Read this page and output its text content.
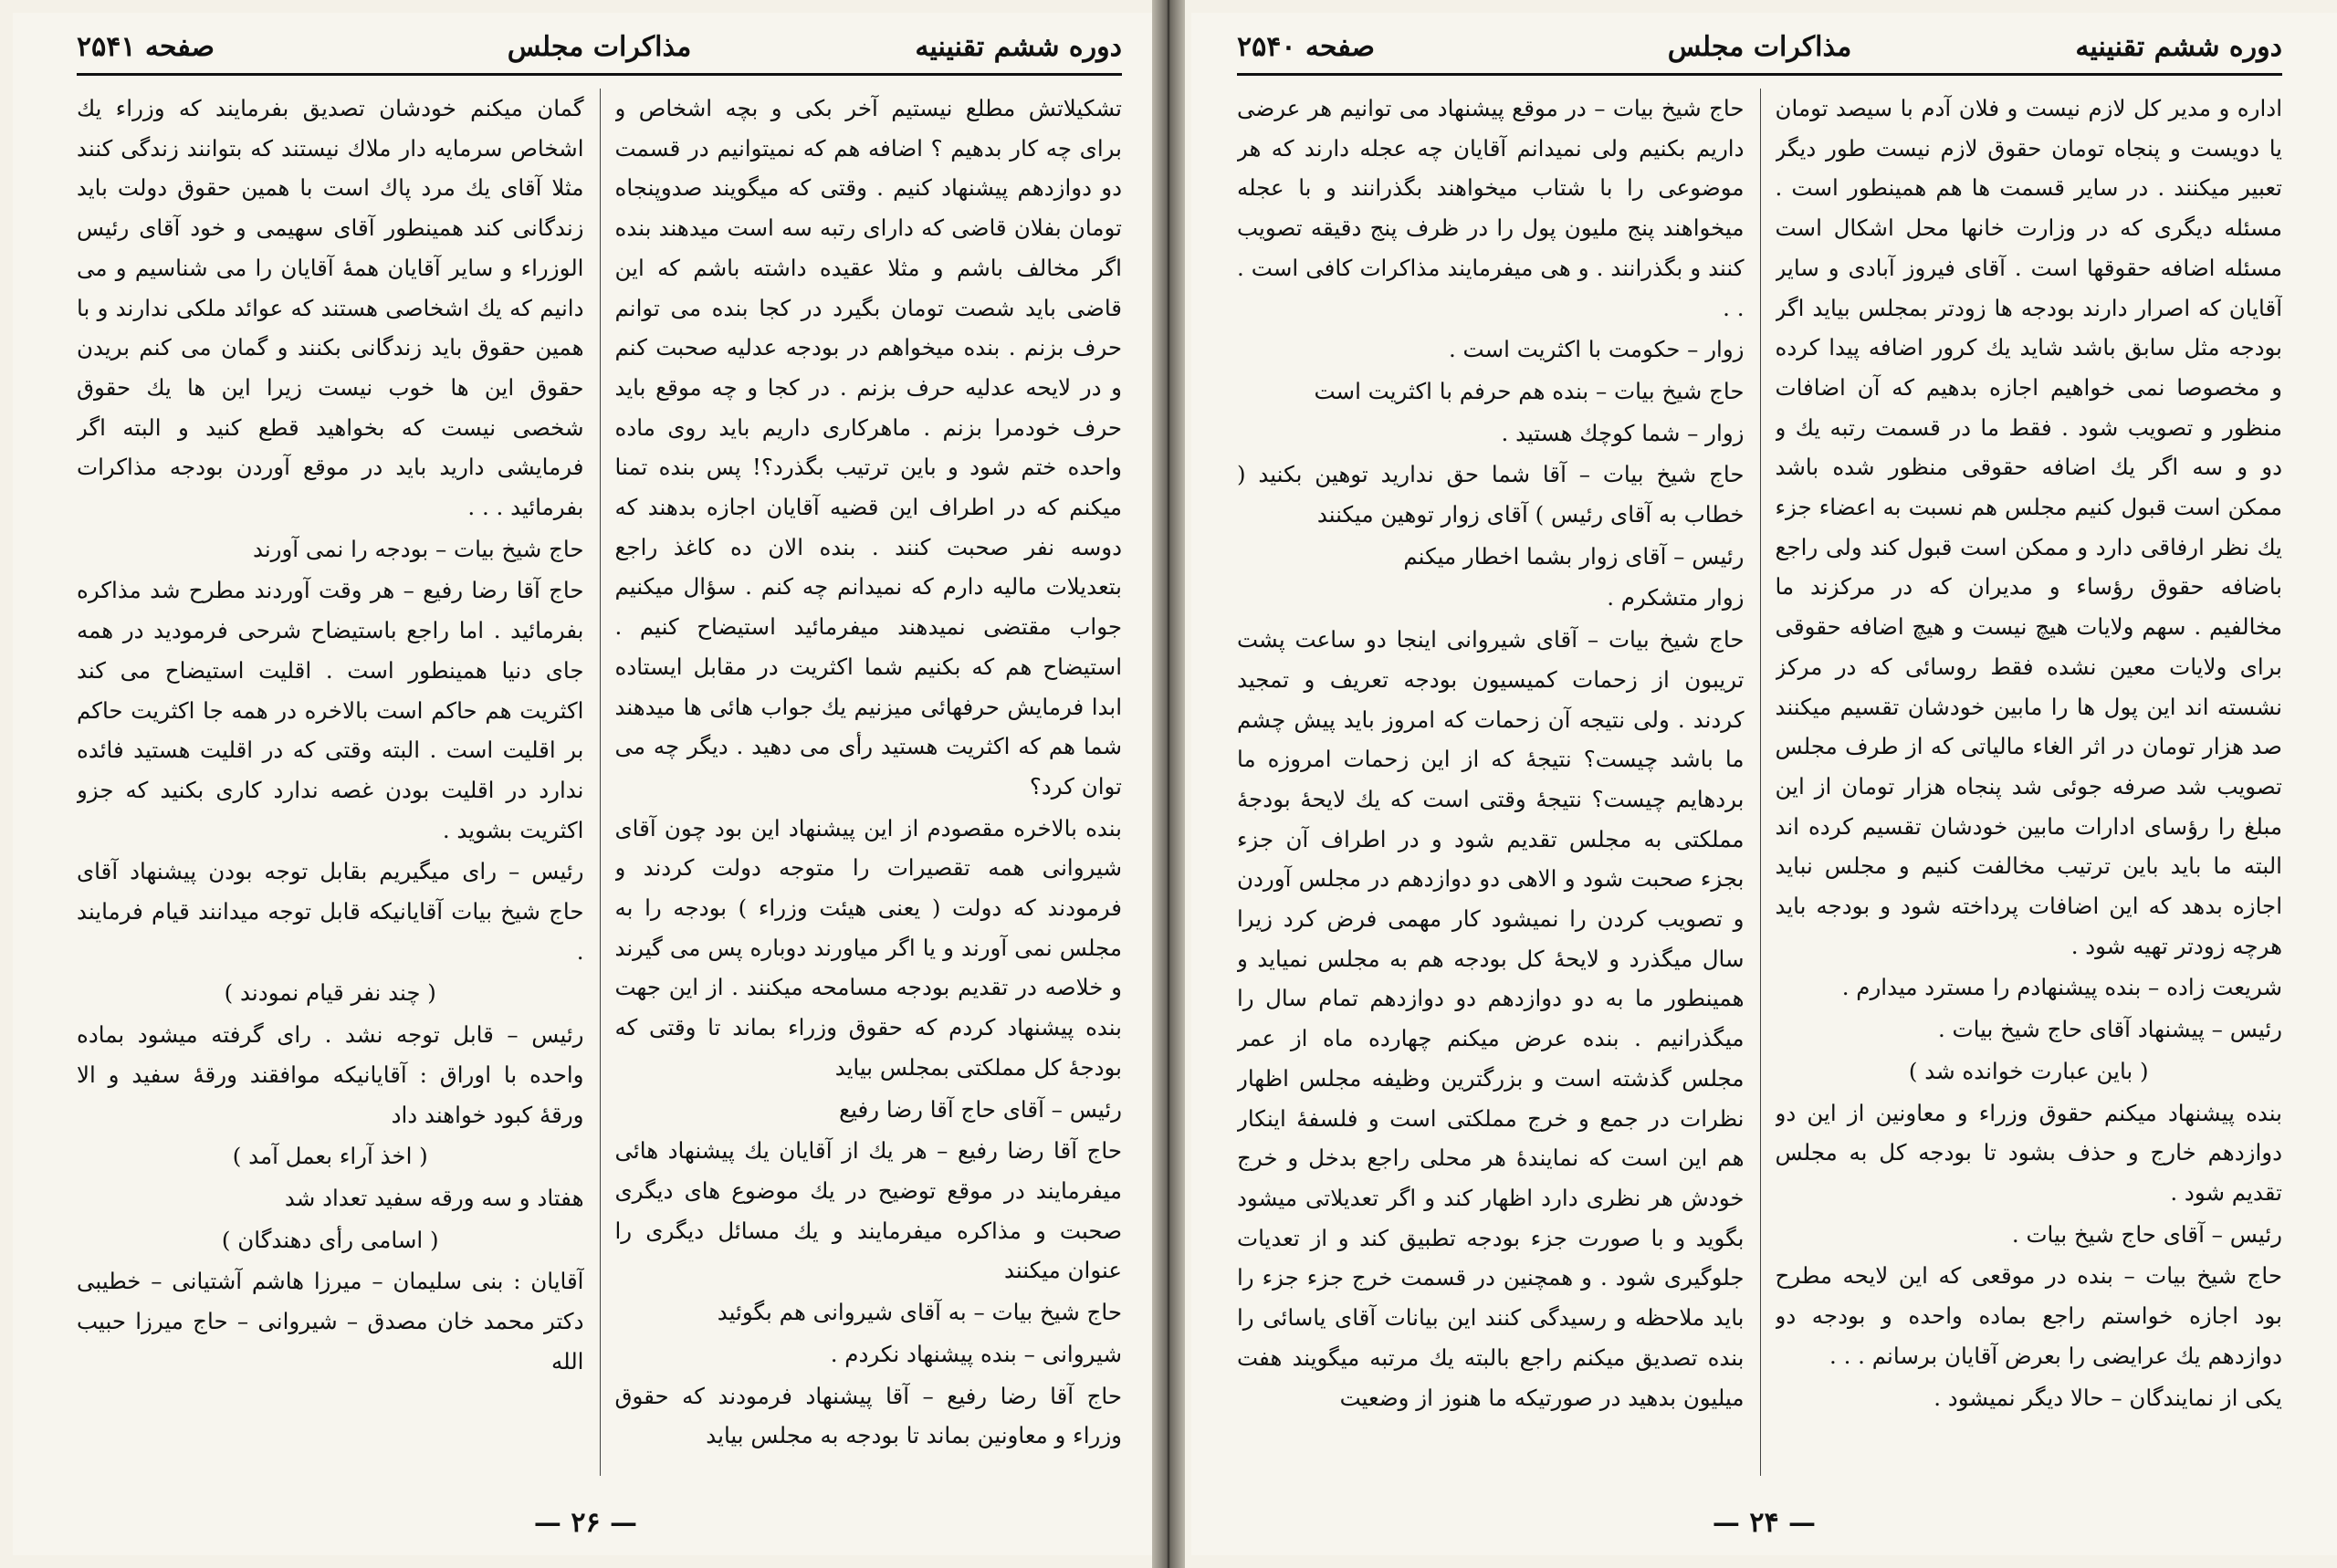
دوره ششم تقنینیه
مذاکرات مجلس
صفحه ۲۵۴۱

تشکیلاتش مطلع نیستیم آخر بکی و بچه اشخاص و برای چه کار بدهیم ؟ اضافه هم که نمیتوانیم در قسمت دو دوازدهم پیشنهاد کنیم . وقتی که میگویند صدوپنجاه تومان بفلان قاضی که دارای رتبه سه است میدهند بنده اگر مخالف باشم و مثلا عقیده داشته باشم که این قاضی باید شصت تومان بگیرد در کجا بنده می توانم حرف بزنم . بنده میخواهم در بودجه عدلیه صحبت کنم و در لایحه عدلیه حرف بزنم . در کجا و چه موقع باید حرف خودمرا بزنم . ماهرکاری داریم باید روی ماده واحده ختم شود و باین ترتیب بگذرد؟! پس بنده تمنا میکنم که در اطراف این قضیه آقایان اجازه بدهند که دوسه نفر صحبت کنند . بنده الان ده کاغذ راجع بتعدیلات مالیه دارم که نمیدانم چه کنم . سؤال میکنیم جواب مقتضی نمیدهند میفرمائید استیضاح کنیم . استیضاح هم که بکنیم شما اکثریت در مقابل ایستاده ابدا فرمایش حرفهائی میزنیم یك جواب هائی ها میدهند شما هم که اکثریت هستید رأی می دهید . دیگر چه می توان کرد؟

بنده بالاخره مقصودم از این پیشنهاد این بود چون آقای شیروانی همه تقصیرات را متوجه دولت کردند و فرمودند که دولت ( یعنی هیئت وزراء ) بودجه را به مجلس نمی آورند و یا اگر میاورند دوباره پس می گیرند و خلاصه در تقدیم بودجه مسامحه میکنند . از این جهت بنده پیشنهاد کردم که حقوق وزراء بماند تا وقتی که بودجهٔ کل مملکتی بمجلس بیاید

رئیس – آقای حاج آقا رضا رفیع

حاج آقا رضا رفیع – هر یك از آقایان یك پیشنهاد هائی میفرمایند در موقع توضیح در یك موضوع های دیگری صحبت و مذاکره میفرمایند و یك مسائل دیگری را عنوان میکنند

حاج شیخ بیات – به آقای شیروانی هم بگوئید

شیروانی – بنده پیشنهاد نکردم .

حاج آقا رضا رفیع – آقا پیشنهاد فرمودند که حقوق وزراء و معاونین بماند تا بودجه به مجلس بیاید

گمان میکنم خودشان تصدیق بفرمایند که وزراء یك اشخاص سرمایه دار ملاك نیستند که بتوانند زندگی کنند مثلا آقای یك مرد پاك است با همین حقوق دولت باید زندگانی کند همینطور آقای سهیمی و خود آقای رئیس الوزراء و سایر آقایان همهٔ آقایان را می شناسیم و می دانیم که یك اشخاصی هستند که عوائد ملکی ندارند و با همین حقوق باید زندگانی بکنند و گمان می کنم بریدن حقوق این ها خوب نیست زیرا این ها یك حقوق شخصی نیست که بخواهید قطع کنید و البته اگر فرمایشی دارید باید در موقع آوردن بودجه مذاکرات بفرمائید . . .

حاج شیخ بیات – بودجه را نمی آورند

حاج آقا رضا رفیع – هر وقت آوردند مطرح شد مذاکره بفرمائید . اما راجع باستیضاح شرحی فرمودید در همه جای دنیا همینطور است . اقلیت استیضاح می کند اکثریت هم حاکم است بالاخره در همه جا اکثریت حاکم بر اقلیت است . البته وقتی که در اقلیت هستید فائده ندارد در اقلیت بودن غصه ندارد کاری بکنید که جزو اکثریت بشوید .

رئیس – رای میگیریم بقابل توجه بودن پیشنهاد آقای حاج شیخ بیات آقایانیکه قابل توجه میدانند قیام فرمایند .

( چند نفر قیام نمودند )

رئیس – قابل توجه نشد . رای گرفته میشود بماده واحده با اوراق : آقایانیکه موافقند ورقهٔ سفید و الا ورقهٔ کبود خواهند داد

( اخذ آراء بعمل آمد )

هفتاد و سه ورقه سفید تعداد شد

( اسامی رأی دهندگان )

آقایان : بنی سلیمان – میرزا هاشم آشتیانی – خطیبی دکتر محمد خان مصدق – شیروانی – حاج میرزا حبیب الله

— ۲۶ —
دوره ششم تقنینیه
مذاکرات مجلس
صفحه ۲۵۴۰

اداره و مدیر کل لازم نیست و فلان آدم با سیصد تومان یا دویست و پنجاه تومان حقوق لازم نیست طور دیگر تعبیر میکنند . در سایر قسمت ها هم همینطور است . مسئله دیگری که در وزارت خانها محل اشکال است مسئله اضافه حقوقها است . آقای فیروز آبادی و سایر آقایان که اصرار دارند بودجه ها زودتر بمجلس بیاید اگر بودجه مثل سابق باشد شاید یك کرور اضافه پیدا کرده و مخصوصا نمی خواهیم اجازه بدهیم که آن اضافات منظور و تصویب شود . فقط ما در قسمت رتبه یك و دو و سه اگر یك اضافه حقوقی منظور شده باشد ممکن است قبول کنیم مجلس هم نسبت به اعضاء جزء یك نظر ارفاقی دارد و ممکن است قبول کند ولی راجع باضافه حقوق رؤساء و مدیران که در مرکزند ما مخالفیم . سهم ولایات هیچ نیست و هیچ اضافه حقوقی برای ولایات معین نشده فقط روسائی که در مرکز نشسته اند این پول ها را مابین خودشان تقسیم میکنند صد هزار تومان در اثر الغاء مالیاتی که از طرف مجلس تصویب شد صرفه جوئی شد پنجاه هزار تومان از این مبلغ را رؤسای ادارات مابین خودشان تقسیم کرده اند البته ما باید باین ترتیب مخالفت کنیم و مجلس نباید اجازه بدهد که این اضافات پرداخته شود و بودجه باید هرچه زودتر تهیه شود .

شریعت زاده – بنده پیشنهادم را مسترد میدارم .

رئیس – پیشنهاد آقای حاج شیخ بیات .

( باین عبارت خوانده شد )

بنده پیشنهاد میکنم حقوق وزراء و معاونین از این دو دوازدهم خارج و حذف بشود تا بودجه کل به مجلس تقدیم شود .

رئیس – آقای حاج شیخ بیات .

حاج شیخ بیات – بنده در موقعی که این لایحه مطرح بود اجازه خواستم راجع بماده واحده و بودجه دو دوازدهم یك عرایضی را بعرض آقایان برسانم . . .

یکی از نمایندگان – حالا دیگر نمیشود .

حاج شیخ بیات – در موقع پیشنهاد می توانیم هر عرضی داریم بکنیم ولی نمیدانم آقایان چه عجله دارند که هر موضوعی را با شتاب میخواهند بگذرانند و با عجله میخواهند پنج ملیون پول را در ظرف پنج دقیقه تصویب کنند و بگذرانند . و هی میفرمایند مذاکرات کافی است . . .

زوار – حکومت با اکثریت است .

حاج شیخ بیات – بنده هم حرفم با اکثریت است

زوار – شما کوچك هستید .

حاج شیخ بیات – آقا شما حق ندارید توهین بکنید ( خطاب به آقای رئیس ) آقای زوار توهین میکنند

رئیس – آقای زوار بشما اخطار میکنم

زوار متشکرم .

حاج شیخ بیات – آقای شیروانی اینجا دو ساعت پشت تریبون از زحمات کمیسیون بودجه تعریف و تمجید کردند . ولی نتیجه آن زحمات که امروز باید پیش چشم ما باشد چیست؟ نتیجهٔ که از این زحمات امروزه ما بردهایم چیست؟ نتیجهٔ وقتی است که یك لایحهٔ بودجهٔ مملکتی به مجلس تقدیم شود و در اطراف آن جزء بجزء صحبت شود و الاهی دو دوازدهم در مجلس آوردن و تصویب کردن را نمیشود کار مهمی فرض کرد زیرا سال میگذرد و لایحهٔ کل بودجه هم به مجلس نمیاید و همینطور ما به دو دوازدهم دو دوازدهم تمام سال را میگذرانیم . بنده عرض میکنم چهارده ماه از عمر مجلس گذشته است و بزرگترین وظیفه مجلس اظهار نظرات در جمع و خرج مملکتی است و فلسفهٔ اینکار هم این است که نمایندهٔ هر محلی راجع بدخل و خرج خودش هر نظری دارد اظهار کند و اگر تعدیلاتی میشود بگوید و با صورت جزء بودجه تطبیق کند و از تعدیات جلوگیری شود . و همچنین در قسمت خرج جزء جزء را باید ملاحظه و رسیدگی کنند این بیانات آقای یاسائی را بنده تصدیق میکنم راجع بالبته یك مرتبه میگویند هفت میلیون بدهید در صورتیکه ما هنوز از وضعیت

— ۲۴ —
